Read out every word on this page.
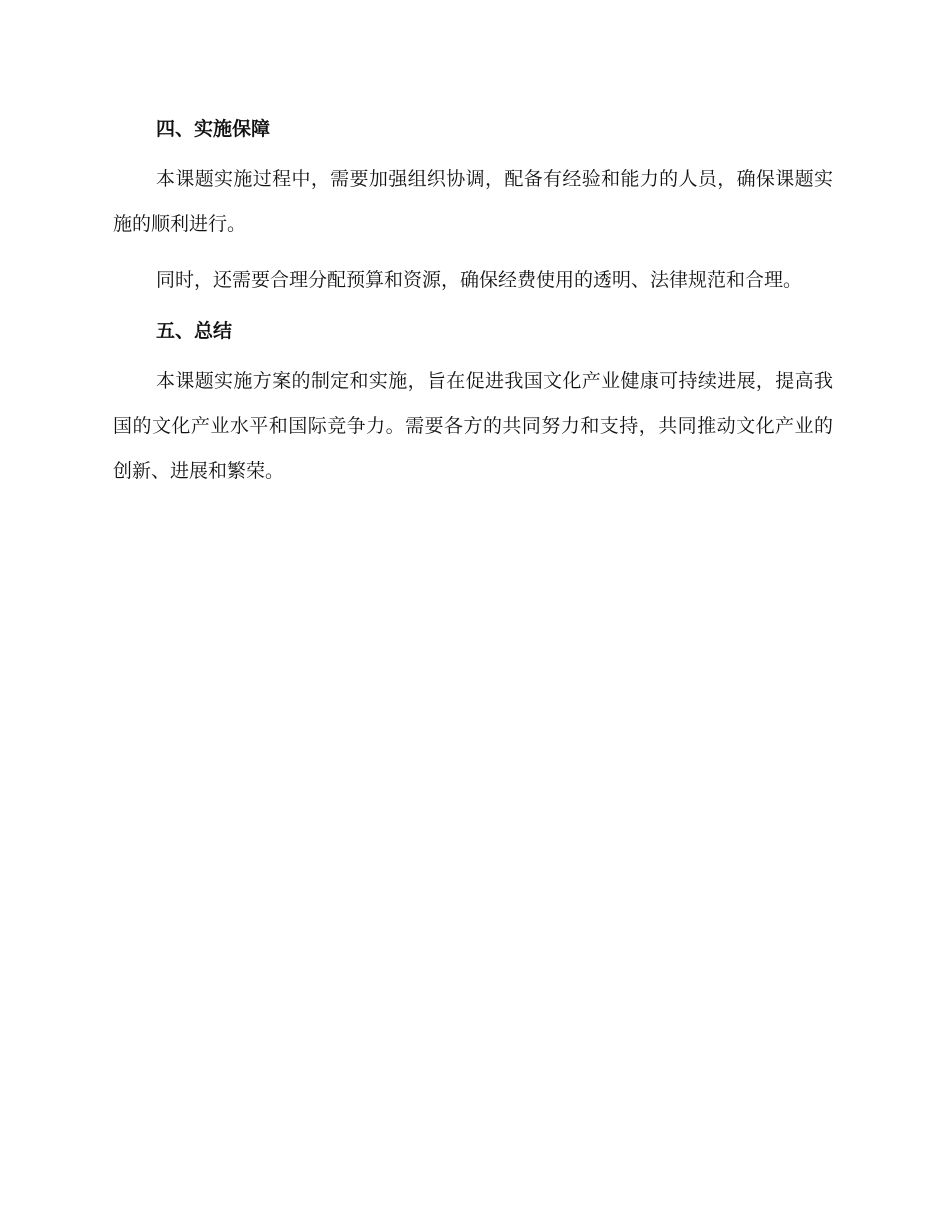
四、实施保障
本课题实施过程中，需要加强组织协调，配备有经验和能力的人员，确保课题实施的顺利进行。
同时，还需要合理分配预算和资源，确保经费使用的透明、法律规范和合理。
五、总结
本课题实施方案的制定和实施，旨在促进我国文化产业健康可持续进展，提高我国的文化产业水平和国际竞争力。需要各方的共同努力和支持，共同推动文化产业的创新、进展和繁荣。
